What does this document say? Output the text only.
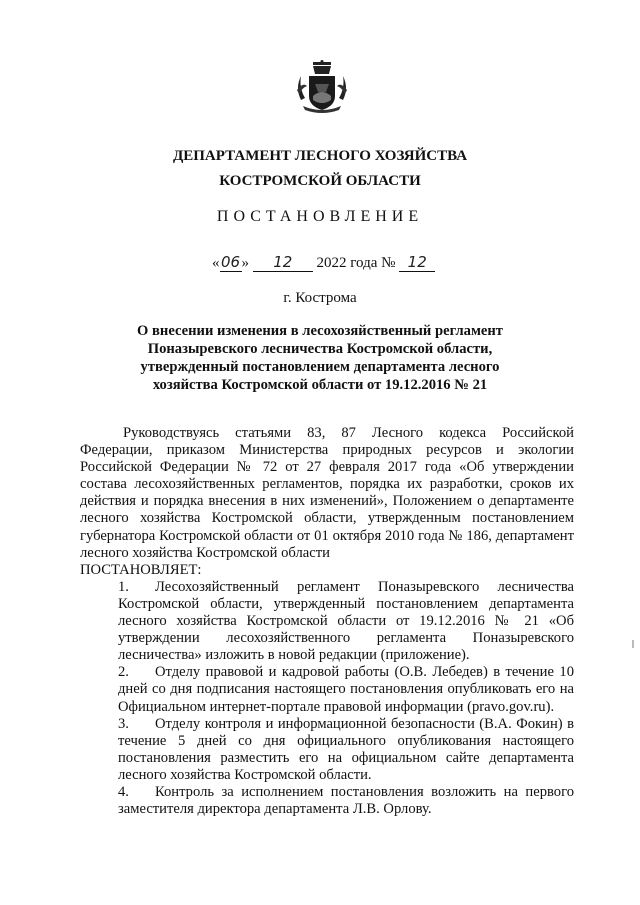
ДЕПАРТАМЕНТ ЛЕСНОГО ХОЗЯЙСТВА
КОСТРОМСКОЙ ОБЛАСТИ
ПОСТАНОВЛЕНИЕ
«06» 12 2022 года № 12
г. Кострома
О внесении изменения в лесохозяйственный регламент Поназыревского лесничества Костромской области, утвержденный постановлением департамента лесного хозяйства Костромской области от 19.12.2016 № 21

Руководствуясь статьями 83, 87 Лесного кодекса Российской Федерации, приказом Министерства природных ресурсов и экологии Российской Федерации № 72 от 27 февраля 2017 года «Об утверждении состава лесохозяйственных регламентов, порядка их разработки, сроков их действия и порядка внесения в них изменений», Положением о департаменте лесного хозяйства Костромской области, утвержденным постановлением губернатора Костромской области от 01 октября 2010 года № 186, департамент лесного хозяйства Костромской области

ПОСТАНОВЛЯЕТ:

1. Лесохозяйственный регламент Поназыревского лесничества Костромской области, утвержденный постановлением департамента лесного хозяйства Костромской области от 19.12.2016 № 21 «Об утверждении лесохозяйственного регламента Поназыревского лесничества» изложить в новой редакции (приложение).

2. Отделу правовой и кадровой работы (О.В. Лебедев) в течение 10 дней со дня подписания настоящего постановления опубликовать его на Официальном интернет-портале правовой информации (pravo.gov.ru).

3. Отделу контроля и информационной безопасности (В.А. Фокин) в течение 5 дней со дня официального опубликования настоящего постановления разместить его на официальном сайте департамента лесного хозяйства Костромской области.

4. Контроль за исполнением постановления возложить на первого заместителя директора департамента Л.В. Орлову.
